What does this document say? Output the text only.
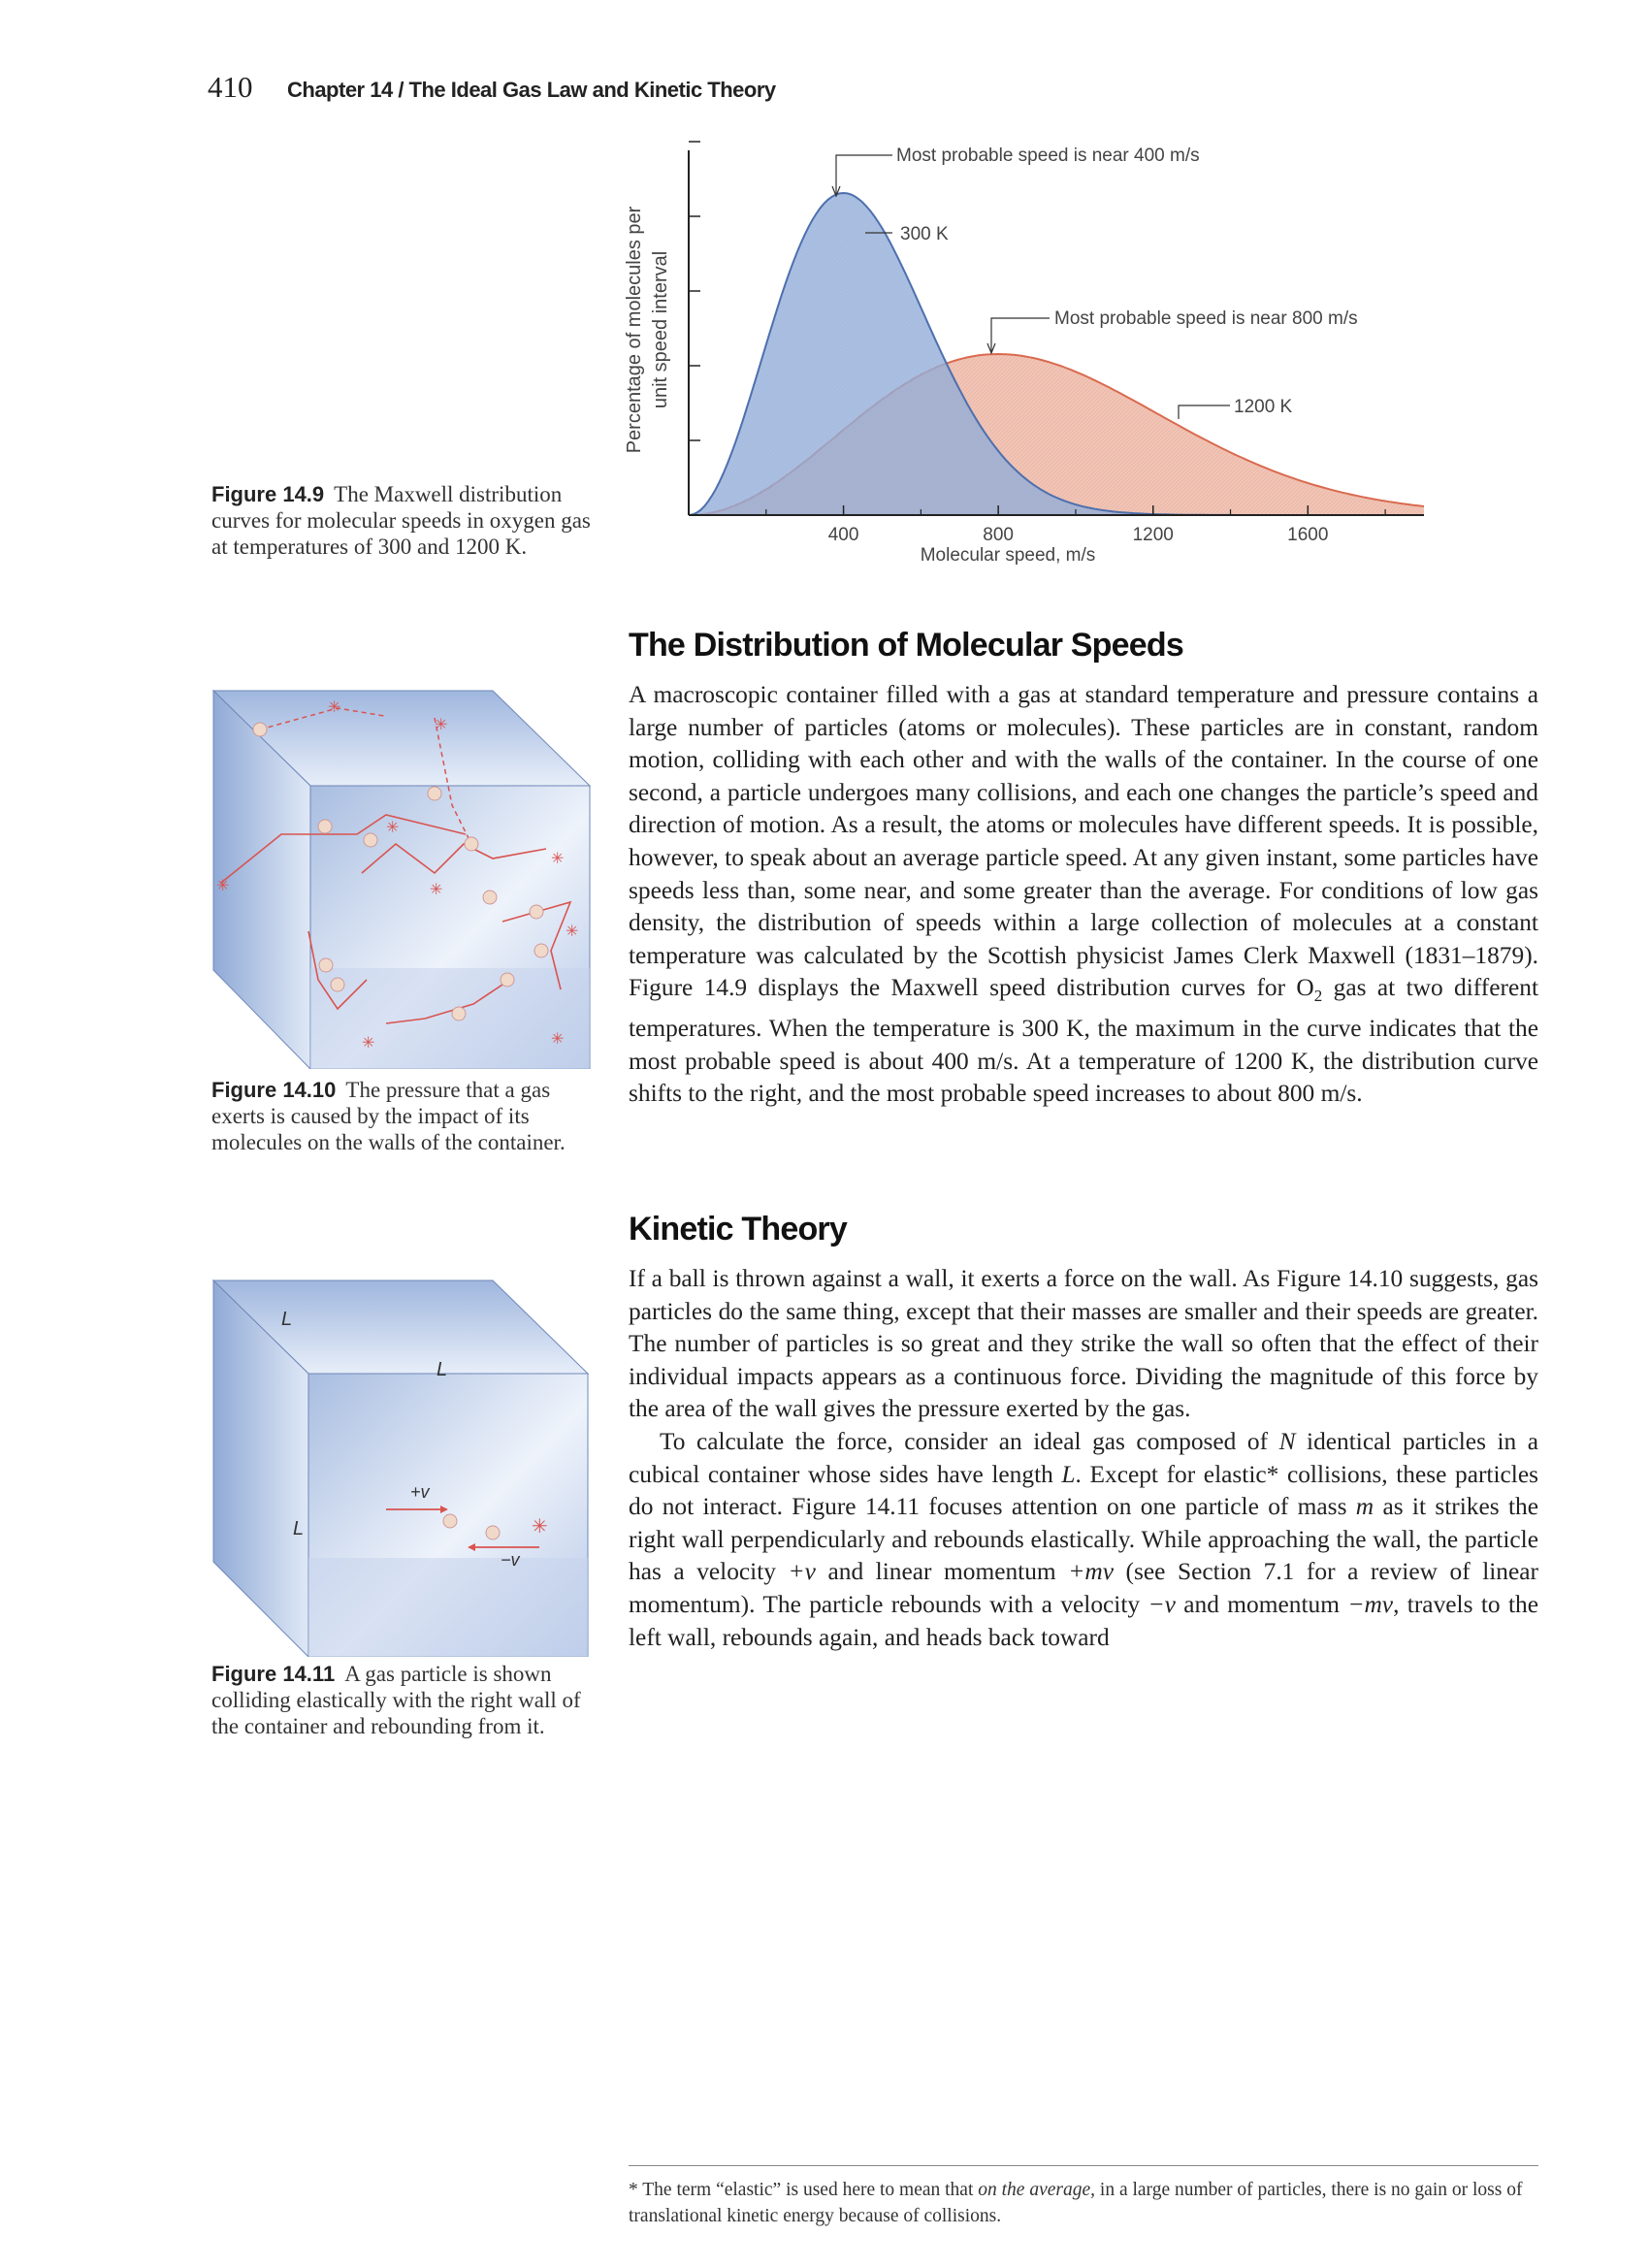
410 Chapter 14 / The Ideal Gas Law and Kinetic Theory
400	800	1200	1600
Percentage of molecules per unit speed interval
Molecular speed, m/s
Most probable speed is near 400 m/s
300 K
Most probable speed is near 800 m/s
1200 K
Figure 14.9 The Maxwell distribution curves for molecular speeds in oxygen gas at temperatures of 300 and 1200 K.
✳
✳
✳
✳
✳
✳
✳
✳
✳
Figure 14.10 The pressure that a gas exerts is caused by the impact of its molecules on the walls of the container.
L
L
L
+v
✳
−v
Figure 14.11 A gas particle is shown colliding elastically with the right wall of the container and rebounding from it.
The Distribution of Molecular Speeds

A macroscopic container filled with a gas at standard temperature and pressure contains a large number of particles (atoms or molecules). These particles are in constant, random motion, colliding with each other and with the walls of the container. In the course of one second, a particle undergoes many collisions, and each one changes the particle’s speed and direction of motion. As a result, the atoms or molecules have different speeds. It is possible, however, to speak about an average particle speed. At any given instant, some particles have speeds less than, some near, and some greater than the average. For conditions of low gas density, the distribution of speeds within a large collection of molecules at a constant temperature was calculated by the Scottish physicist James Clerk Maxwell (1831–1879). Figure 14.9 displays the Maxwell speed distribution curves for $O_2$ gas at two different temperatures. When the temperature is 300 K, the maximum in the curve indicates that the most probable speed is about 400 m/s. At a temperature of 1200 K, the distribution curve shifts to the right, and the most probable speed increases to about 800 m/s.

Kinetic Theory

If a ball is thrown against a wall, it exerts a force on the wall. As Figure 14.10 suggests, gas particles do the same thing, except that their masses are smaller and their speeds are greater. The number of particles is so great and they strike the wall so often that the effect of their individual impacts appears as a continuous force. Dividing the magnitude of this force by the area of the wall gives the pressure exerted by the gas.

To calculate the force, consider an ideal gas composed of N identical particles in a cubical container whose sides have length L. Except for elastic* collisions, these particles do not interact. Figure 14.11 focuses attention on one particle of mass m as it strikes the right wall perpendicularly and rebounds elastically. While approaching the wall, the particle has a velocity +v and linear momentum +mv (see Section 7.1 for a review of linear momentum). The particle rebounds with a velocity −v and momentum −mv, travels to the left wall, rebounds again, and heads back toward

* The term “elastic” is used here to mean that on the average, in a large number of particles, there is no gain or loss of translational kinetic energy because of collisions.
